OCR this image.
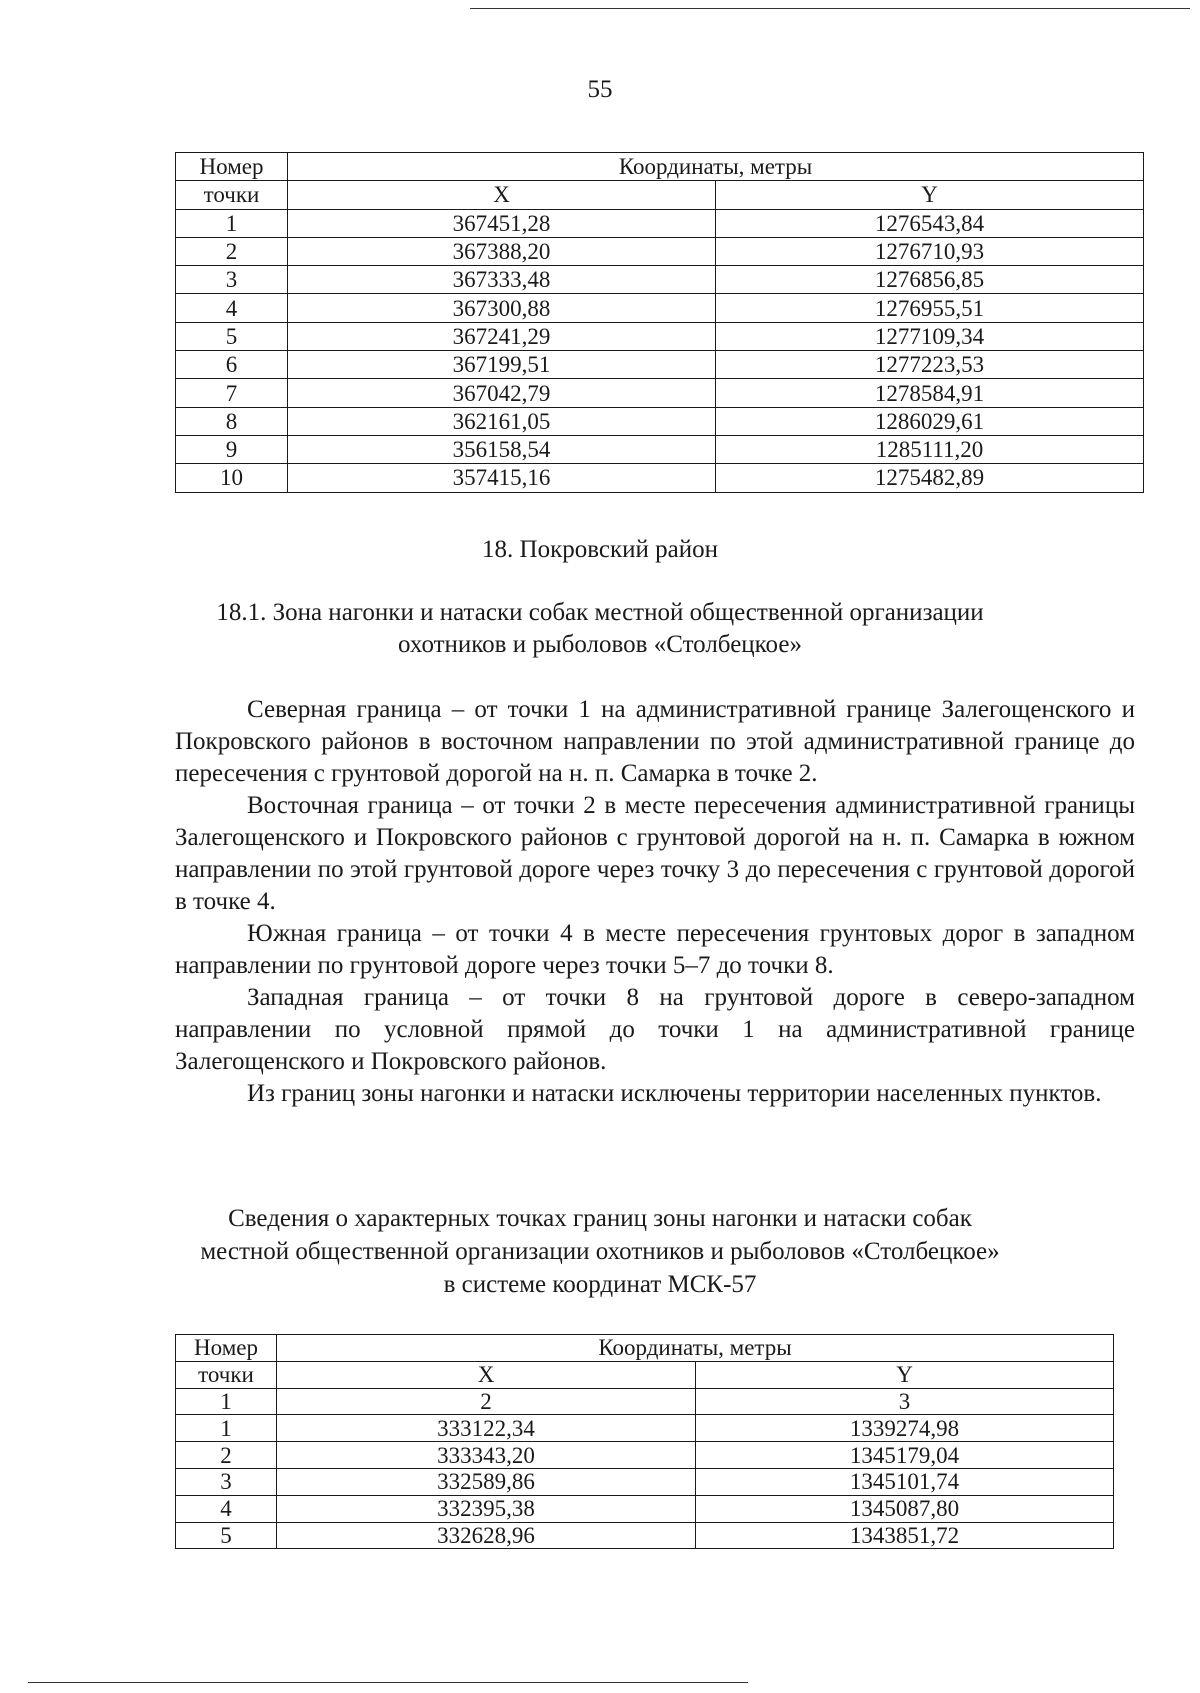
55
Номер	Координаты, метры	
точки	X	Y
1	367451,28	1276543,84
2	367388,20	1276710,93
3	367333,48	1276856,85
4	367300,88	1276955,51
5	367241,29	1277109,34
6	367199,51	1277223,53
7	367042,79	1278584,91
8	362161,05	1286029,61
9	356158,54	1285111,20
10	357415,16	1275482,89
18. Покровский район
18.1. Зона нагонки и натаски собак местной общественной организации
охотников и рыболовов «Столбецкое»

Северная граница – от точки 1 на административной границе Залегощенского и Покровского районов в восточном направлении по этой административной границе до пересечения с грунтовой дорогой на н. п. Самарка в точке 2.

Восточная граница – от точки 2 в месте пересечения административной границы Залегощенского и Покровского районов с грунтовой дорогой на н. п. Самарка в южном направлении по этой грунтовой дороге через точку 3 до пересечения с грунтовой дорогой в точке 4.

Южная граница – от точки 4 в месте пересечения грунтовых дорог в западном направлении по грунтовой дороге через точки 5–7 до точки 8.

Западная граница – от точки 8 на грунтовой дороге в северо-западном направлении по условной прямой до точки 1 на административной границе Залегощенского и Покровского районов.

Из границ зоны нагонки и натаски исключены территории населенных пунктов.

Сведения о характерных точках границ зоны нагонки и натаски собак
местной общественной организации охотников и рыболовов «Столбецкое»
в системе координат МСК-57
Номер	Координаты, метры	
точки	X	Y
1	2	3
1	333122,34	1339274,98
2	333343,20	1345179,04
3	332589,86	1345101,74
4	332395,38	1345087,80
5	332628,96	1343851,72
